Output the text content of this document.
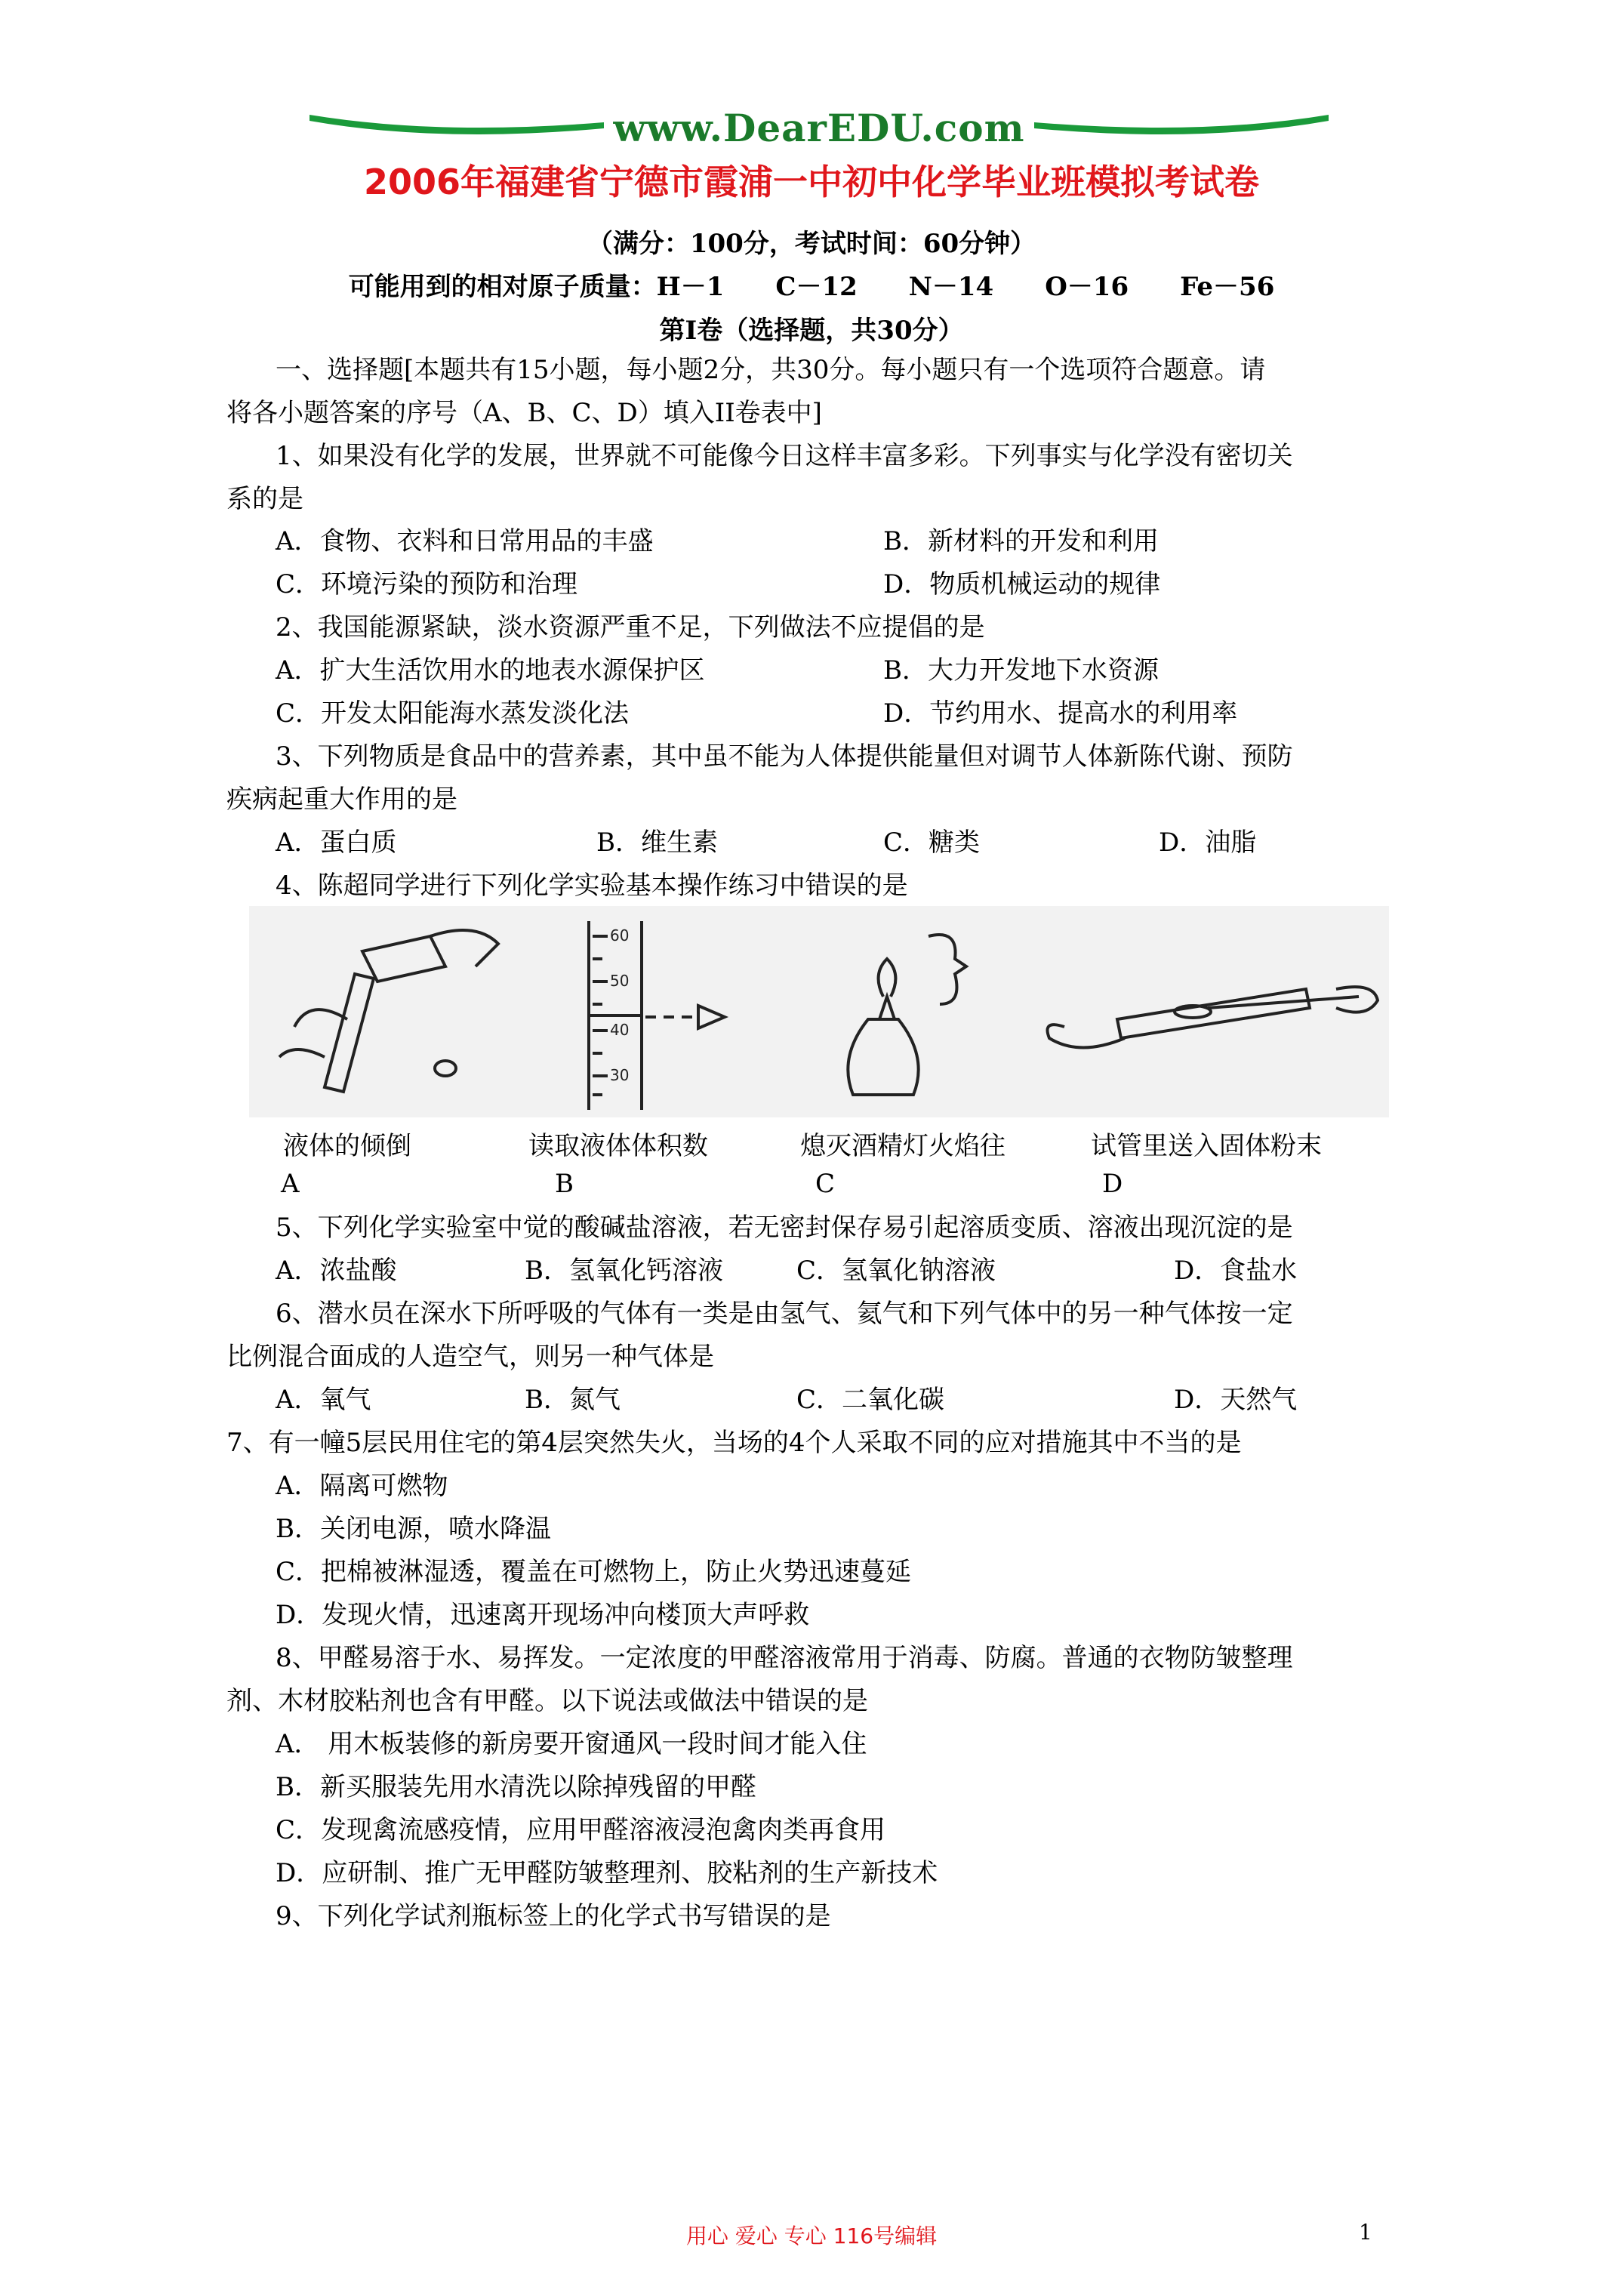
www.DearEDU.com
2006年福建省宁德市霞浦一中初中化学毕业班模拟考试卷
（满分：100分，考试时间：60分钟）
可能用到的相对原子质量：H－1　　C－12　　N－14　　O－16　　Fe－56
第Ⅰ卷（选择题，共30分）
一、选择题[本题共有15小题，每小题2分，共30分。每小题只有一个选项符合题意。请
将各小题答案的序号（A、B、C、D）填入II卷表中]
1、如果没有化学的发展，世界就不可能像今日这样丰富多彩。下列事实与化学没有密切关
系的是
A．食物、衣料和日常用品的丰盛	B．新材料的开发和利用
C．环境污染的预防和治理	D．物质机械运动的规律
2、我国能源紧缺，淡水资源严重不足，下列做法不应提倡的是
A．扩大生活饮用水的地表水源保护区	B．大力开发地下水资源
C．开发太阳能海水蒸发淡化法	D．节约用水、提高水的利用率
3、下列物质是食品中的营养素，其中虽不能为人体提供能量但对调节人体新陈代谢、预防
疾病起重大作用的是
A．蛋白质	B．维生素	C．糖类	D．油脂
4、陈超同学进行下列化学实验基本操作练习中错误的是
60
50
40
30
液体的倾倒	读取液体体积数	熄灭酒精灯火焰往	试管里送入固体粉末
A	B	C	D
5、下列化学实验室中觉的酸碱盐溶液，若无密封保存易引起溶质变质、溶液出现沉淀的是
A．浓盐酸	B．氢氧化钙溶液	C．氢氧化钠溶液	D．食盐水
6、潜水员在深水下所呼吸的气体有一类是由氢气、氦气和下列气体中的另一种气体按一定
比例混合面成的人造空气，则另一种气体是
A．氧气	B．氮气	C．二氧化碳	D．天然气
7、有一幢5层民用住宅的第4层突然失火，当场的4个人采取不同的应对措施其中不当的是
A．隔离可燃物
B．关闭电源，喷水降温
C．把棉被淋湿透，覆盖在可燃物上，防止火势迅速蔓延
D．发现火情，迅速离开现场冲向楼顶大声呼救
8、甲醛易溶于水、易挥发。一定浓度的甲醛溶液常用于消毒、防腐。普通的衣物防皱整理
剂、木材胶粘剂也含有甲醛。以下说法或做法中错误的是
A． 用木板装修的新房要开窗通风一段时间才能入住
B．新买服装先用水清洗以除掉残留的甲醛
C．发现禽流感疫情，应用甲醛溶液浸泡禽肉类再食用
D．应研制、推广无甲醛防皱整理剂、胶粘剂的生产新技术
9、下列化学试剂瓶标签上的化学式书写错误的是
用心 爱心 专心 116号编辑	1
